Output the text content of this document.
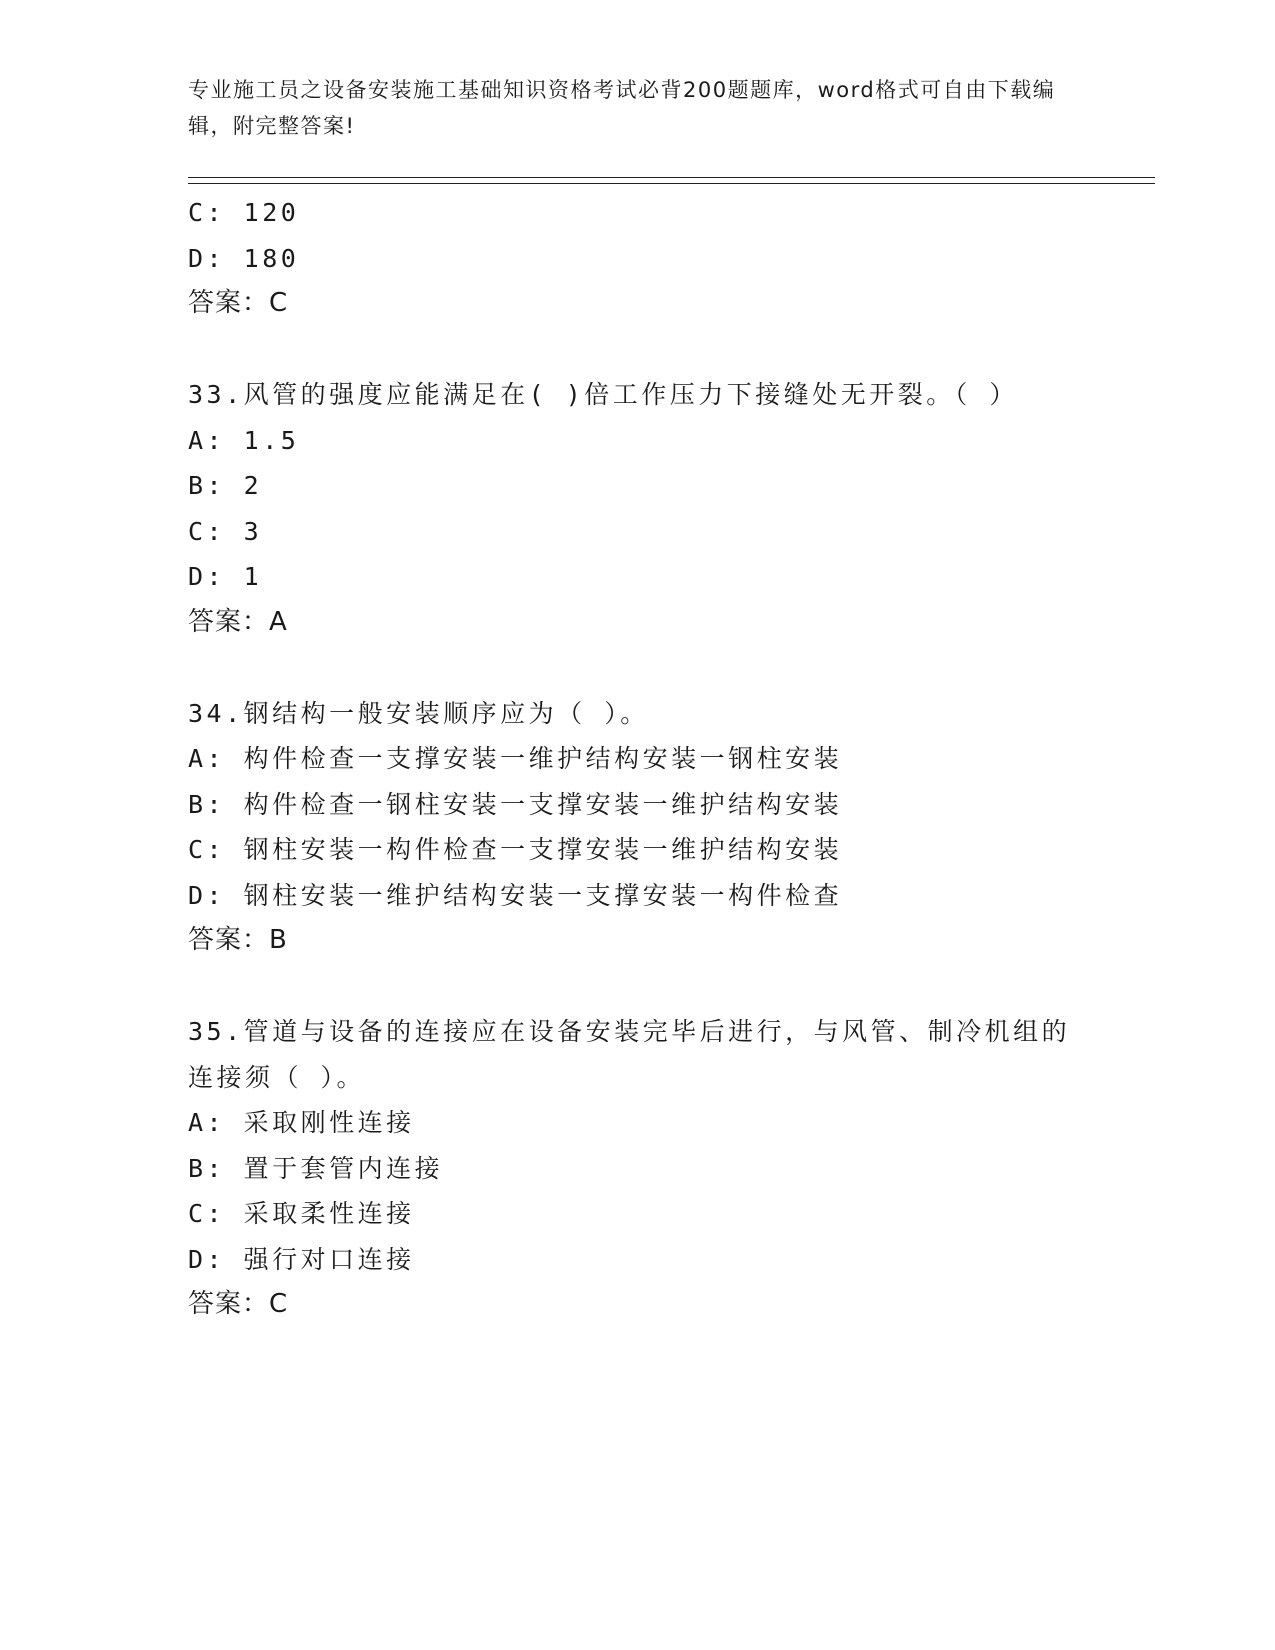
专业施工员之设备安装施工基础知识资格考试必背200题题库，word格式可自由下载编辑，附完整答案!
C: 120
D: 180
答案：C
33.风管的强度应能满足在( )倍工作压力下接缝处无开裂。（ ）
A: 1.5
B: 2
C: 3
D: 1
答案：A
34.钢结构一般安装顺序应为（ ）。
A: 构件检查一支撑安装一维护结构安装一钢柱安装
B: 构件检查一钢柱安装一支撑安装一维护结构安装
C: 钢柱安装一构件检查一支撑安装一维护结构安装
D: 钢柱安装一维护结构安装一支撑安装一构件检查
答案：B
35.管道与设备的连接应在设备安装完毕后进行，与风管、制冷机组的连接须（ ）。
A: 采取刚性连接
B: 置于套管内连接
C: 采取柔性连接
D: 强行对口连接
答案：C
